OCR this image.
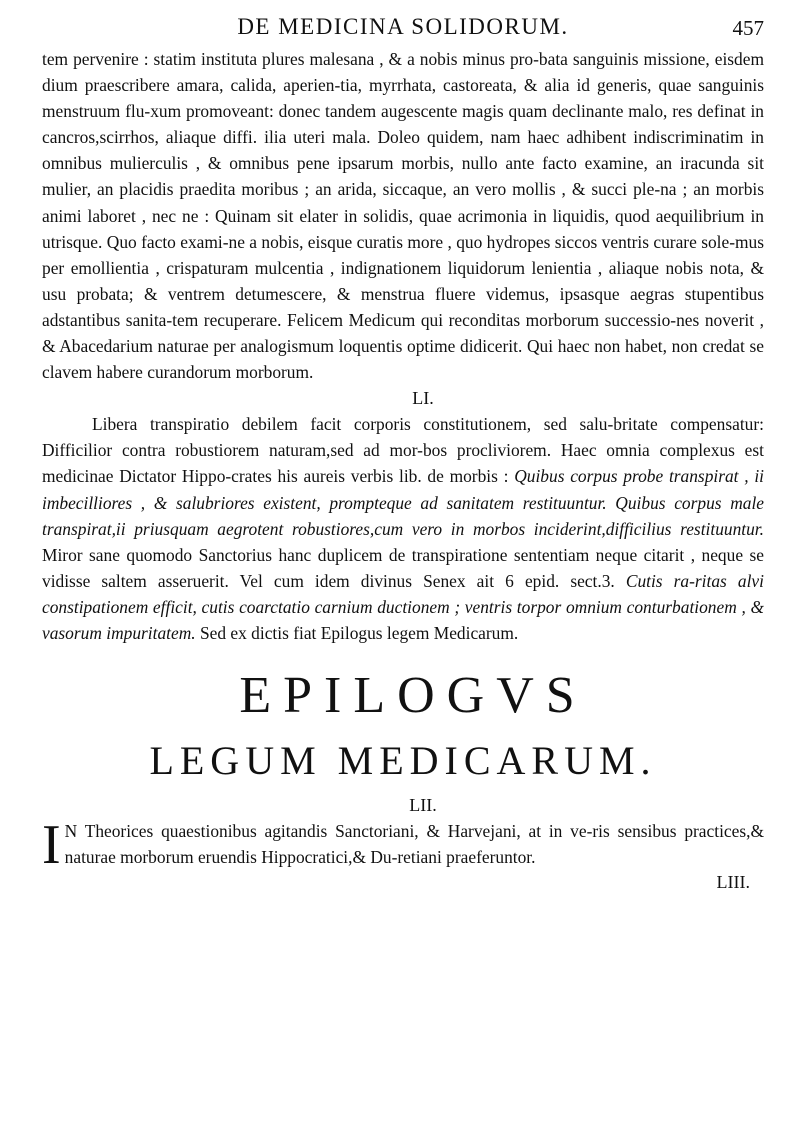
DE MEDICINA SOLIDORUM.	457

tem pervenire : statim instituta plures malesana , & a nobis minus pro-bata sanguinis missione, eisdem dium praescribere amara, calida, aperien-tia, myrrhata, castoreata, & alia id generis, quae sanguinis menstruum flu-xum promoveant: donec tandem augescente magis quam declinante malo, res definat in cancros,scirrhos, aliaque diffi. ilia uteri mala. Doleo quidem, nam haec adhibent indiscriminatim in omnibus mulierculis , & omnibus pene ipsarum morbis, nullo ante facto examine, an iracunda sit mulier, an placidis praedita moribus ; an arida, siccaque, an vero mollis , & succi ple-na ; an morbis animi laboret , nec ne : Quinam sit elater in solidis, quae acrimonia in liquidis, quod aequilibrium in utrisque. Quo facto exami-ne a nobis, eisque curatis more , quo hydropes siccos ventris curare sole-mus per emollientia , crispaturam mulcentia , indignationem liquidorum lenientia , aliaque nobis nota, & usu probata; & ventrem detumescere, & menstrua fluere videmus, ipsasque aegras stupentibus adstantibus sanita-tem recuperare. Felicem Medicum qui reconditas morborum successio-nes noverit , & Abacedarium naturae per analogismum loquentis optime didicerit. Qui haec non habet, non credat se clavem habere curandorum morborum.

LI.

Libera transpiratio debilem facit corporis constitutionem, sed salu-britate compensatur: Difficilior contra robustiorem naturam,sed ad mor-bos procliviorem. Haec omnia complexus est medicinae Dictator Hippo-crates his aureis verbis lib. de morbis : Quibus corpus probe transpirat , ii imbecilliores , & salubriores existent, prompteque ad sanitatem restituuntur. Quibus corpus male transpirat,ii priusquam aegrotent robustiores,cum vero in morbos inciderint,difficilius restituuntur. Miror sane quomodo Sanctorius hanc duplicem de transpiratione sententiam neque citarit , neque se vidisse saltem asseruerit. Vel cum idem divinus Senex ait 6 epid. sect.3. Cutis ra-ritas alvi constipationem efficit, cutis coarctatio carnium ductionem ; ventris torpor omnium conturbationem , & vasorum impuritatem. Sed ex dictis fiat Epilogus legem Medicarum.

EPILOGVS
LEGUM MEDICARUM.

LII.

I N Theorices quaestionibus agitandis Sanctoriani, & Harvejani, at in ve-ris sensibus practices,& naturae morborum eruendis Hippocratici,& Du-retiani praeferuntor.

LIII.
